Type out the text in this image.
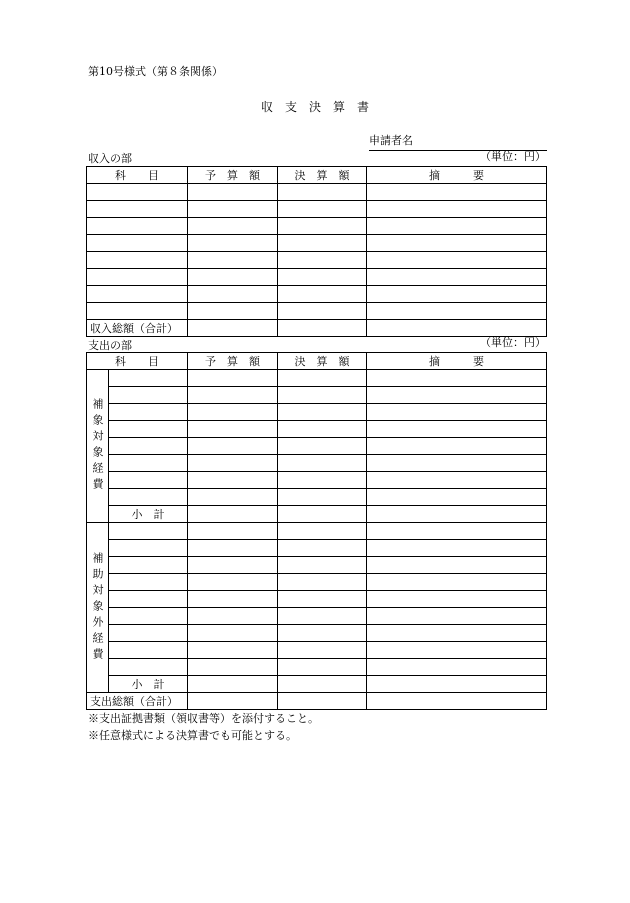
第10号様式（第８条関係）
収 支 決 算 書
申請者名
収入の部	（単位：円）
科　　目	予　算　額	決　算　額	摘　　　要

収入総額（合計）			
支出の部	（単位：円）
科　　目		予　算　額	決　算　額	摘　　　要
補象対象経費				

	小　計			
補助対象外経費				

	小　計			
支出総額（合計）				
※支出証拠書類（領収書等）を添付すること。
※任意様式による決算書でも可能とする。
